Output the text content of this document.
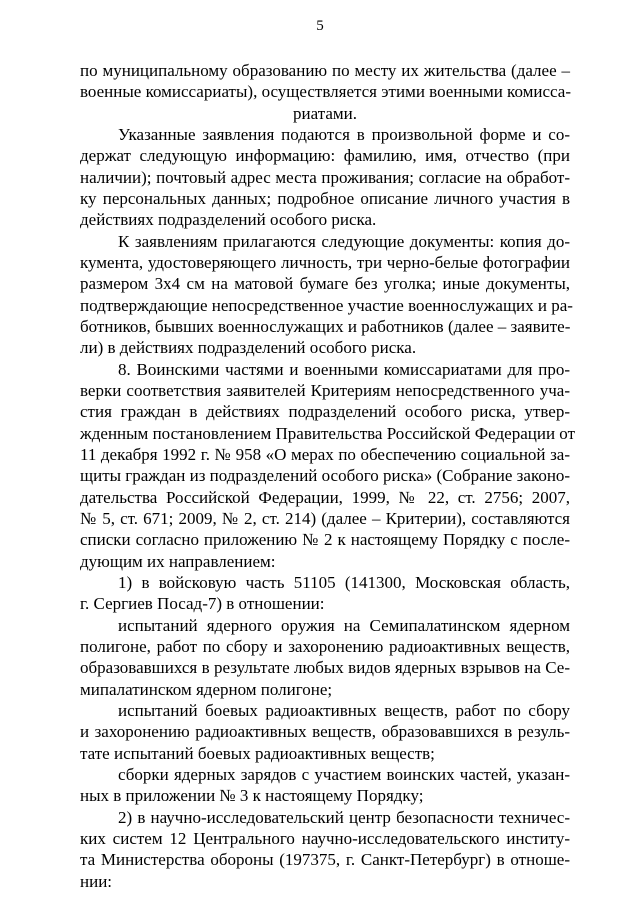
5
по муниципальному образованию по месту их жительства (далее –
военные комиссариаты), осуществляется этими военными комисса-
риатами.
Указанные заявления подаются в произвольной форме и со-
держат следующую информацию: фамилию, имя, отчество (при
наличии); почтовый адрес места проживания; согласие на обработ-
ку персональных данных; подробное описание личного участия в
действиях подразделений особого риска.
К заявлениям прилагаются следующие документы: копия до-
кумента, удостоверяющего личность, три черно-белые фотографии
размером 3х4 см на матовой бумаге без уголка; иные документы,
подтверждающие непосредственное участие военнослужащих и ра-
ботников, бывших военнослужащих и работников (далее – заявите-
ли) в действиях подразделений особого риска.
8. Воинскими частями и военными комиссариатами для про-
верки соответствия заявителей Критериям непосредственного уча-
стия граждан в действиях подразделений особого риска, утвер-
жденным постановлением Правительства Российской Федерации от
11 декабря 1992 г. № 958 «О мерах по обеспечению социальной за-
щиты граждан из подразделений особого риска» (Собрание законо-
дательства Российской Федерации, 1999, № 22, ст. 2756; 2007,
№ 5, ст. 671; 2009, № 2, ст. 214) (далее – Критерии), составляются
списки согласно приложению № 2 к настоящему Порядку с после-
дующим их направлением:
1) в войсковую часть 51105 (141300, Московская область,
г. Сергиев Посад-7) в отношении:
испытаний ядерного оружия на Семипалатинском ядерном
полигоне, работ по сбору и захоронению радиоактивных веществ,
образовавшихся в результате любых видов ядерных взрывов на Се-
мипалатинском ядерном полигоне;
испытаний боевых радиоактивных веществ, работ по сбору
и захоронению радиоактивных веществ, образовавшихся в резуль-
тате испытаний боевых радиоактивных веществ;
сборки ядерных зарядов с участием воинских частей, указан-
ных в приложении № 3 к настоящему Порядку;
2) в научно-исследовательский центр безопасности техничес-
ких систем 12 Центрального научно-исследовательского институ-
та Министерства обороны (197375, г. Санкт-Петербург) в отноше-
нии:
